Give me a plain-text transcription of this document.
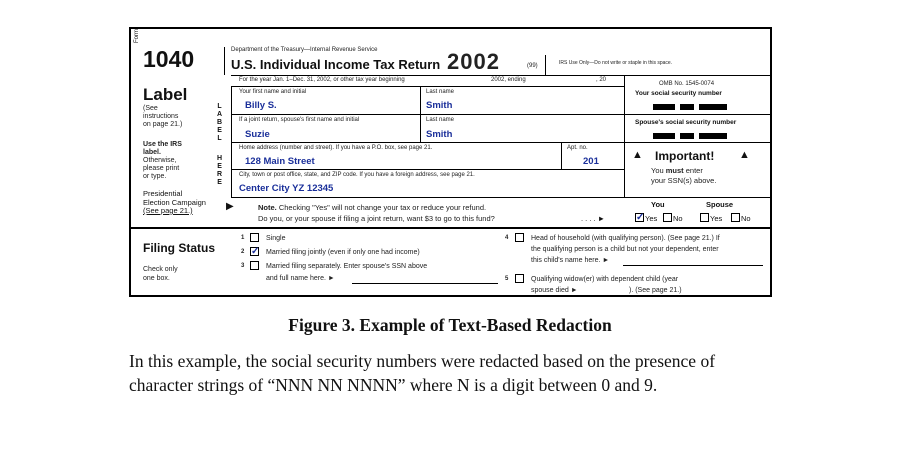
Form
1040	Department of the Treasury—Internal Revenue Service
U.S. Individual Income Tax Return 2002	(99)	IRS Use Only—Do not write or staple in this space.
For the year Jan. 1–Dec. 31, 2002, or other tax year beginning	2002, ending	, 20
OMB No. 1545-0074
Label
(See
instructions
on page 21.)
Use the IRS
label.
Otherwise,
please print
or type.
L
A
B
E
L
H
E
R
E
Your first name and initial
Billy S.
Last name
Smith
If a joint return, spouse's first name and initial
Suzie
Last name
Smith
Home address (number and street). If you have a P.O. box, see page 21.
128 Main Street
Apt. no.
201
City, town or post office, state, and ZIP code. If you have a foreign address, see page 21.
Center City YZ 12345
Your social security number
Spouse's social security number
▲ Important! ▲
You must enter
your SSN(s) above.
Presidential
Election Campaign
(See page 21.)	▶	Note. Checking "Yes" will not change your tax or reduce your refund.
Do you, or your spouse if filing a joint return, want $3 to go to this fund?	. . . . ►
You	Spouse
✓ Yes No	Yes	No
Filing Status
Check only
one box.
1	Single
2 ✓ Married filing jointly (even if only one had income)
3	Married filing separately. Enter spouse's SSN above
and full name here. ►
4	Head of household (with qualifying person). (See page 21.) If
the qualifying person is a child but not your dependent, enter
this child's name here. ►
5	Qualifying widow(er) with dependent child (year
spouse died ►	). (See page 21.)
Figure 3. Example of Text-Based Redaction
In this example, the social security numbers were redacted based on the presence of character strings of “NNN NN NNNN” where N is a digit between 0 and 9.
